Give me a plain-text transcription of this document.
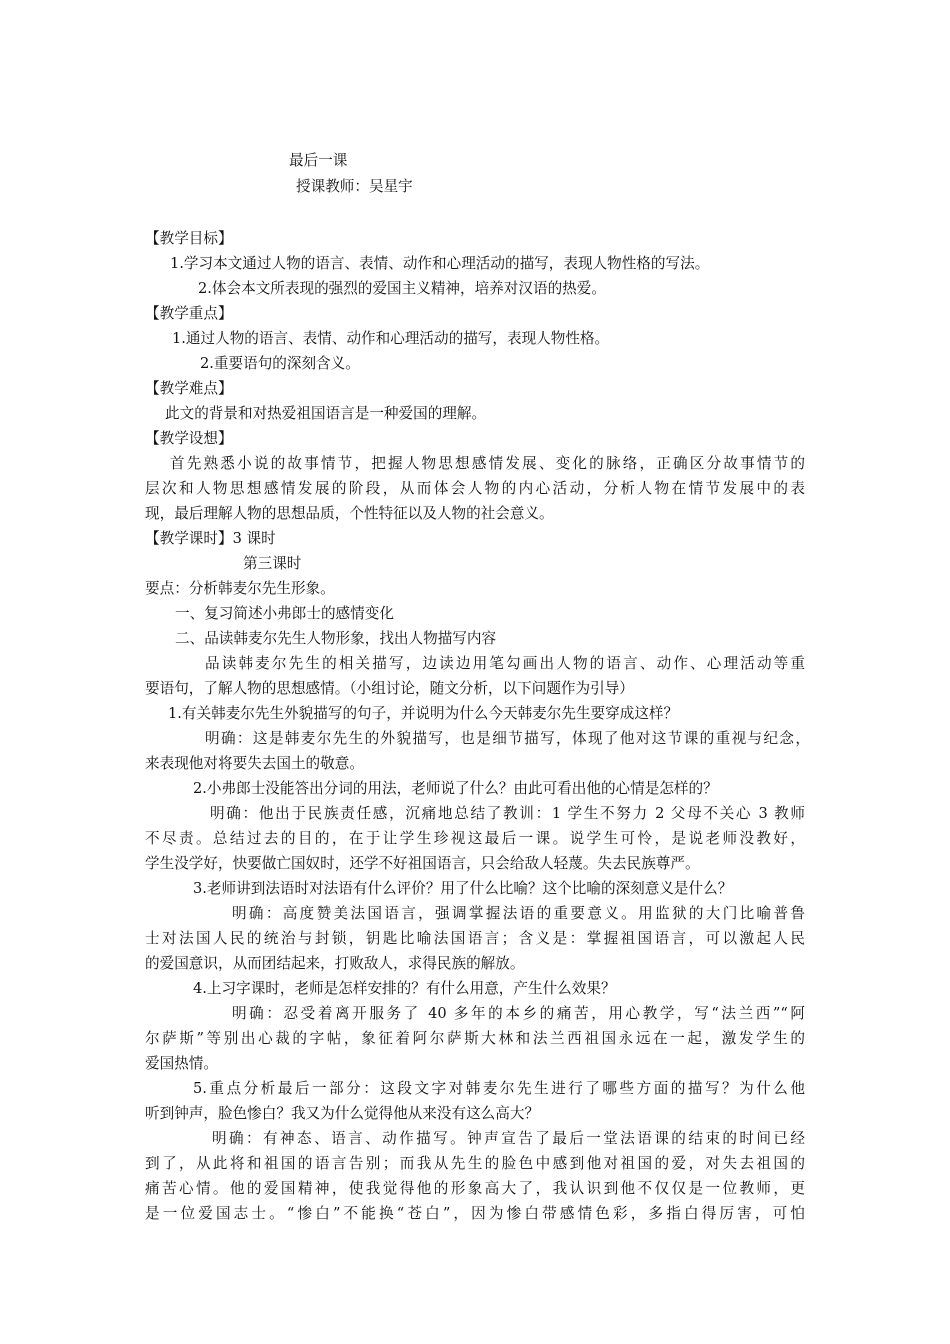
最后一课
授课教师：吴星宇
【教学目标】
1.学习本文通过人物的语言、表情、动作和心理活动的描写，表现人物性格的写法。
2.体会本文所表现的强烈的爱国主义精神，培养对汉语的热爱。
【教学重点】
1.通过人物的语言、表情、动作和心理活动的描写，表现人物性格。
2.重要语句的深刻含义。
【教学难点】
此文的背景和对热爱祖国语言是一种爱国的理解。
【教学设想】
首先熟悉小说的故事情节，把握人物思想感情发展、变化的脉络，正确区分故事情节的
层次和人物思想感情发展的阶段，从而体会人物的内心活动，分析人物在情节发展中的表
现，最后理解人物的思想品质，个性特征以及人物的社会意义。
【教学课时】3 课时
第三课时
要点：分析韩麦尔先生形象。
一、复习简述小弗郎士的感情变化
二、品读韩麦尔先生人物形象，找出人物描写内容
品读韩麦尔先生的相关描写，边读边用笔勾画出人物的语言、动作、心理活动等重
要语句，了解人物的思想感情。（小组讨论，随文分析，以下问题作为引导）
1.有关韩麦尔先生外貌描写的句子，并说明为什么今天韩麦尔先生要穿成这样？
明确：这是韩麦尔先生的外貌描写，也是细节描写，体现了他对这节课的重视与纪念，
来表现他对将要失去国土的敬意。
2.小弗郎士没能答出分词的用法，老师说了什么？由此可看出他的心情是怎样的？
明确：他出于民族责任感，沉痛地总结了教训：1 学生不努力 2 父母不关心 3 教师
不尽责。总结过去的目的，在于让学生珍视这最后一课。说学生可怜，是说老师没教好，
学生没学好，快要做亡国奴时，还学不好祖国语言，只会给敌人轻蔑。失去民族尊严。
3.老师讲到法语时对法语有什么评价？用了什么比喻？这个比喻的深刻意义是什么？
明确：高度赞美法国语言，强调掌握法语的重要意义。用监狱的大门比喻普鲁
士对法国人民的统治与封锁，钥匙比喻法国语言；含义是：掌握祖国语言，可以激起人民
的爱国意识，从而团结起来，打败敌人，求得民族的解放。
4.上习字课时，老师是怎样安排的？有什么用意，产生什么效果？
明确：忍受着离开服务了 40 多年的本乡的痛苦，用心教学，写“法兰西”“阿
尔萨斯”等别出心裁的字帖，象征着阿尔萨斯大林和法兰西祖国永远在一起，激发学生的
爱国热情。
5.重点分析最后一部分：这段文字对韩麦尔先生进行了哪些方面的描写？为什么他
听到钟声，脸色惨白？我又为什么觉得他从来没有这么高大？
明确：有神态、语言、动作描写。钟声宣告了最后一堂法语课的结束的时间已经
到了，从此将和祖国的语言告别；而我从先生的脸色中感到他对祖国的爱，对失去祖国的
痛苦心情。他的爱国精神，使我觉得他的形象高大了，我认识到他不仅仅是一位教师，更
是一位爱国志士。“惨白”不能换“苍白”，因为惨白带感情色彩，多指白得厉害，可怕
